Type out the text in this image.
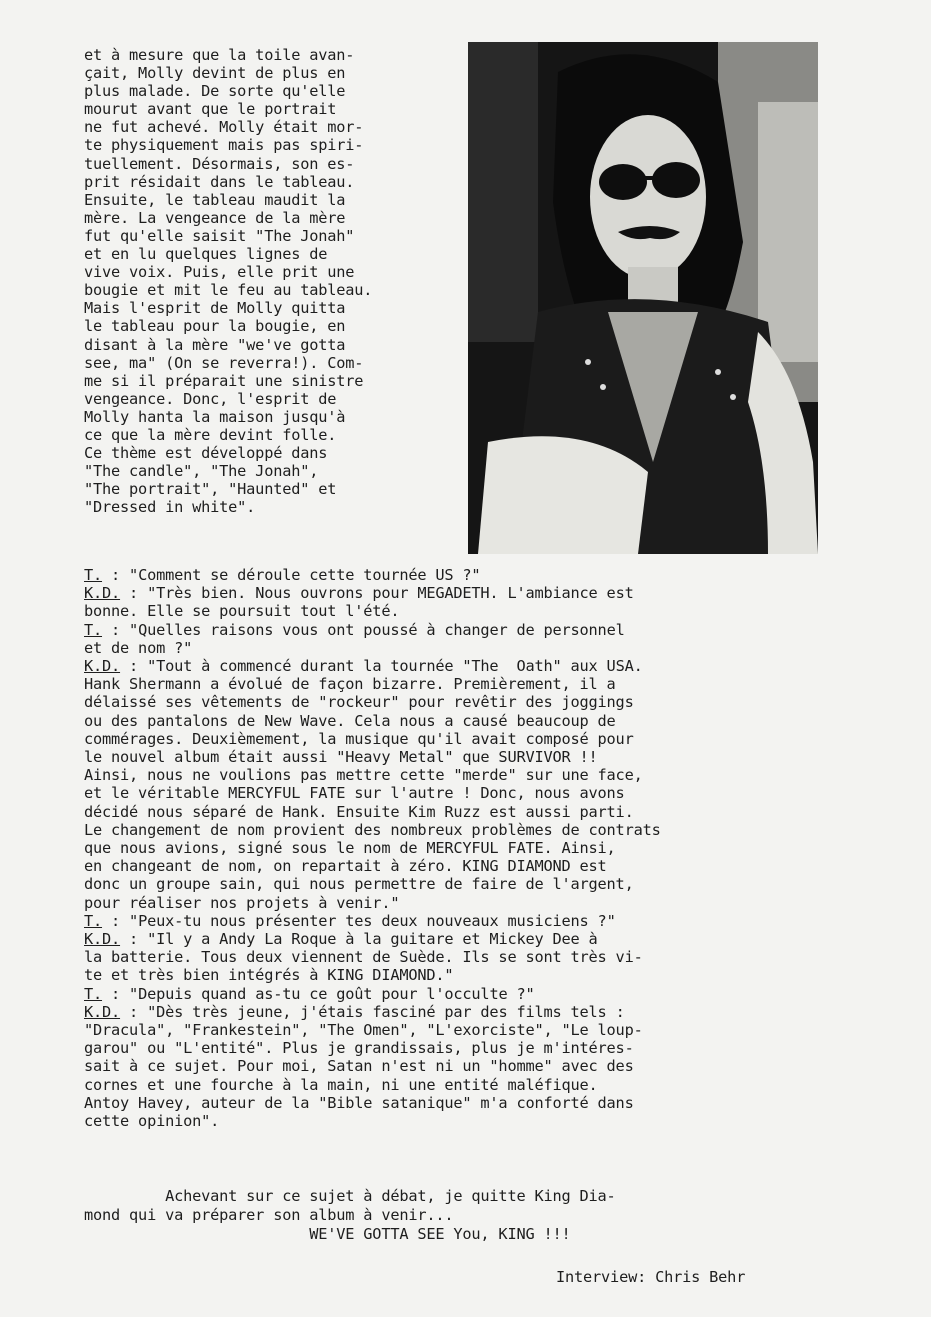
et à mesure que la toile avan-
çait, Molly devint de plus en
plus malade. De sorte qu'elle
mourut avant que le portrait
ne fut achevé. Molly était mor-
te physiquement mais pas spiri-
tuellement. Désormais, son es-
prit résidait dans le tableau.
Ensuite, le tableau maudit la
mère. La vengeance de la mère
fut qu'elle saisit "The Jonah"
et en lu quelques lignes de
vive voix. Puis, elle prit une
bougie et mit le feu au tableau.
Mais l'esprit de Molly quitta
le tableau pour la bougie, en
disant à la mère "we've gotta
see, ma" (On se reverra!). Com-
me si il préparait une sinistre
vengeance. Donc, l'esprit de
Molly hanta la maison jusqu'à
ce que la mère devint folle.
Ce thème est développé dans
"The candle", "The Jonah",
"The portrait", "Haunted" et
"Dressed in white".
T. : "Comment se déroule cette tournée US ?"
K.D. : "Très bien. Nous ouvrons pour MEGADETH. L'ambiance est
bonne. Elle se poursuit tout l'été.
T. : "Quelles raisons vous ont poussé à changer de personnel
et de nom ?"
K.D. : "Tout à commencé durant la tournée "The  Oath" aux USA.
Hank Shermann a évolué de façon bizarre. Premièrement, il a
délaissé ses vêtements de "rockeur" pour revêtir des joggings
ou des pantalons de New Wave. Cela nous a causé beaucoup de
commérages. Deuxièmement, la musique qu'il avait composé pour
le nouvel album était aussi "Heavy Metal" que SURVIVOR !!
Ainsi, nous ne voulions pas mettre cette "merde" sur une face,
et le véritable MERCYFUL FATE sur l'autre ! Donc, nous avons
décidé nous séparé de Hank. Ensuite Kim Ruzz est aussi parti.
Le changement de nom provient des nombreux problèmes de contrats
que nous avions, signé sous le nom de MERCYFUL FATE. Ainsi,
en changeant de nom, on repartait à zéro. KING DIAMOND est
donc un groupe sain, qui nous permettre de faire de l'argent,
pour réaliser nos projets à venir."
T. : "Peux-tu nous présenter tes deux nouveaux musiciens ?"
K.D. : "Il y a Andy La Roque à la guitare et Mickey Dee à
la batterie. Tous deux viennent de Suède. Ils se sont très vi-
te et très bien intégrés à KING DIAMOND."
T. : "Depuis quand as-tu ce goût pour l'occulte ?"
K.D. : "Dès très jeune, j'étais fasciné par des films tels :
"Dracula", "Frankestein", "The Omen", "L'exorciste", "Le loup-
garou" ou "L'entité". Plus je grandissais, plus je m'intéres-
sait à ce sujet. Pour moi, Satan n'est ni un "homme" avec des
cornes et une fourche à la main, ni une entité maléfique.
Antoy Havey, auteur de la "Bible satanique" m'a conforté dans
cette opinion".
Achevant sur ce sujet à débat, je quitte King Dia-
mond qui va préparer son album à venir...
WE'VE GOTTA SEE You, KING !!!
Interview: Chris Behr
